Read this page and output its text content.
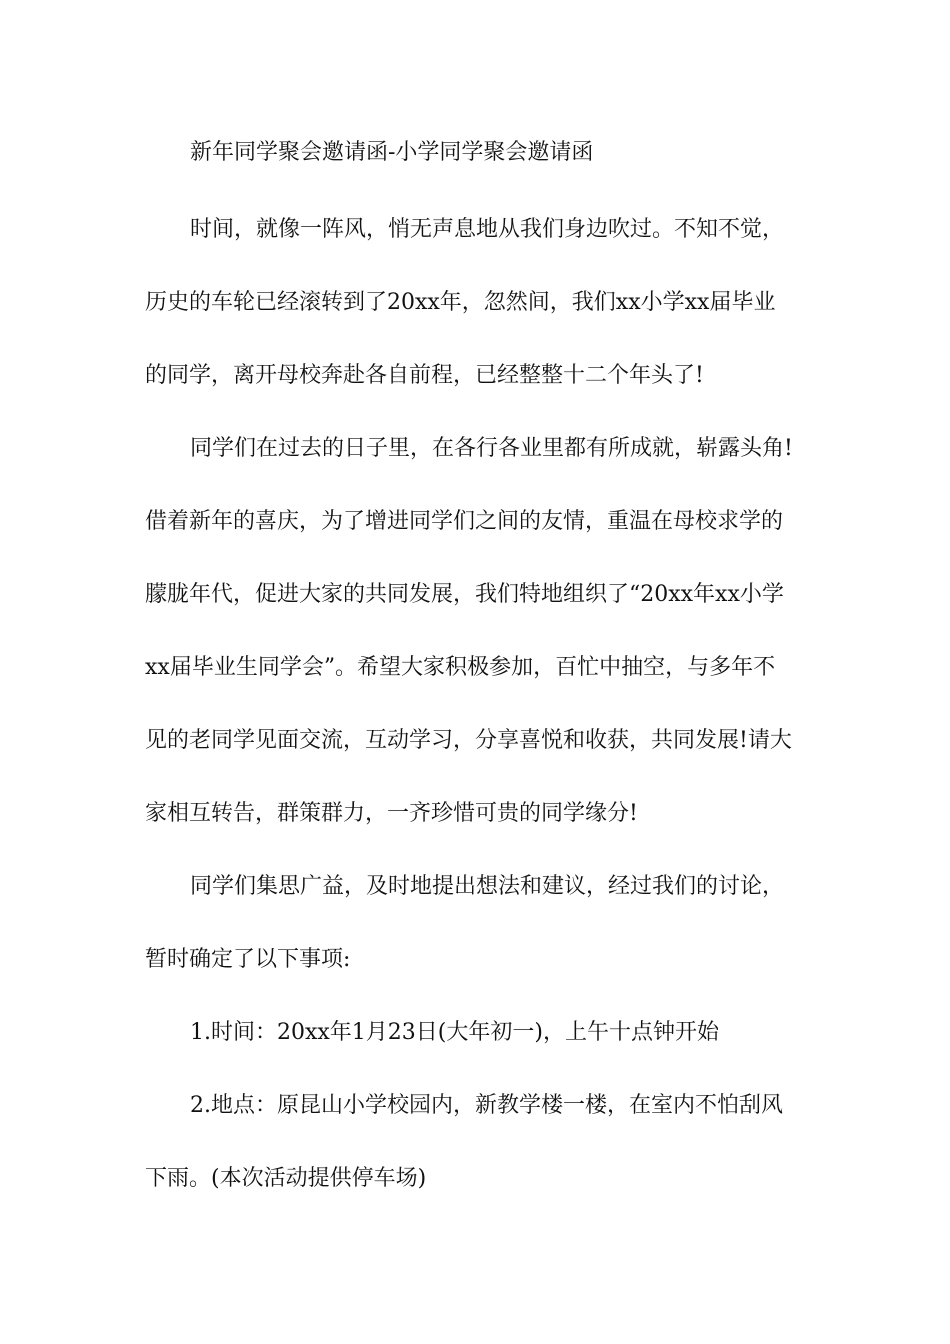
新年同学聚会邀请函-小学同学聚会邀请函
时间，就像一阵风，悄无声息地从我们身边吹过。不知不觉，
历史的车轮已经滚转到了20xx年，忽然间，我们xx小学xx届毕业
的同学，离开母校奔赴各自前程，已经整整十二个年头了!
同学们在过去的日子里，在各行各业里都有所成就，崭露头角!
借着新年的喜庆，为了增进同学们之间的友情，重温在母校求学的
朦胧年代，促进大家的共同发展，我们特地组织了“20xx年xx小学
xx届毕业生同学会”。希望大家积极参加，百忙中抽空，与多年不
见的老同学见面交流，互动学习，分享喜悦和收获，共同发展!请大
家相互转告，群策群力，一齐珍惜可贵的同学缘分!
同学们集思广益，及时地提出想法和建议，经过我们的讨论，
暂时确定了以下事项:
1.时间：20xx年1月23日(大年初一)，上午十点钟开始
2.地点：原昆山小学校园内，新教学楼一楼，在室内不怕刮风
下雨。(本次活动提供停车场)
